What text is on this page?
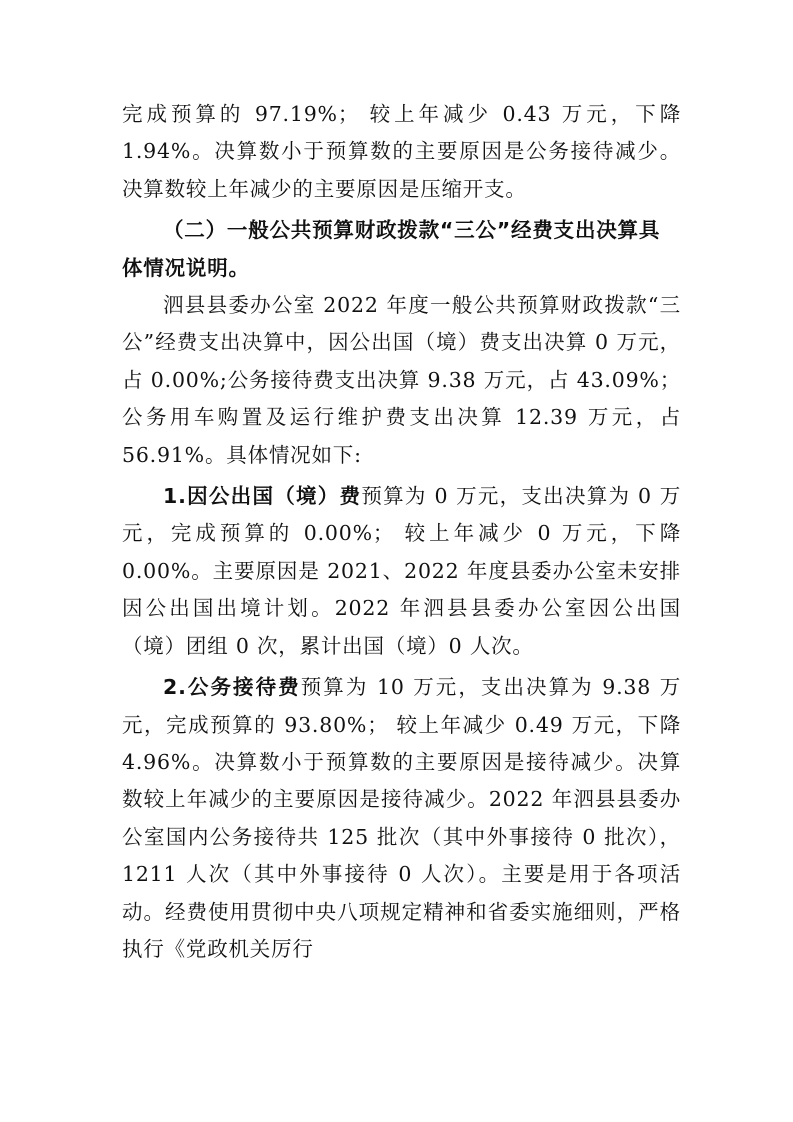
完成预算的 97.19%； 较上年减少 0.43 万元，下降 1.94%。决算数小于预算数的主要原因是公务接待减少。决算数较上年减少的主要原因是压缩开支。

（二）一般公共预算财政拨款“三公”经费支出决算具体情况说明。

泗县县委办公室 2022 年度一般公共预算财政拨款“三公”经费支出决算中，因公出国（境）费支出决算 0 万元，占 0.00%;公务接待费支出决算 9.38 万元，占 43.09%； 公务用车购置及运行维护费支出决算 12.39 万元，占 56.91%。具体情况如下:

1.因公出国（境）费预算为 0 万元，支出决算为 0 万元，完成预算的 0.00%； 较上年减少 0 万元，下降 0.00%。主要原因是 2021、2022 年度县委办公室未安排因公出国出境计划。2022 年泗县县委办公室因公出国（境）团组 0 次，累计出国（境）0 人次。

2.公务接待费预算为 10 万元，支出决算为 9.38 万元，完成预算的 93.80%； 较上年减少 0.49 万元，下降 4.96%。决算数小于预算数的主要原因是接待减少。决算数较上年减少的主要原因是接待减少。2022 年泗县县委办公室国内公务接待共 125 批次（其中外事接待 0 批次），1211 人次（其中外事接待 0 人次）。主要是用于各项活动。经费使用贯彻中央八项规定精神和省委实施细则，严格执行《党政机关厉行
